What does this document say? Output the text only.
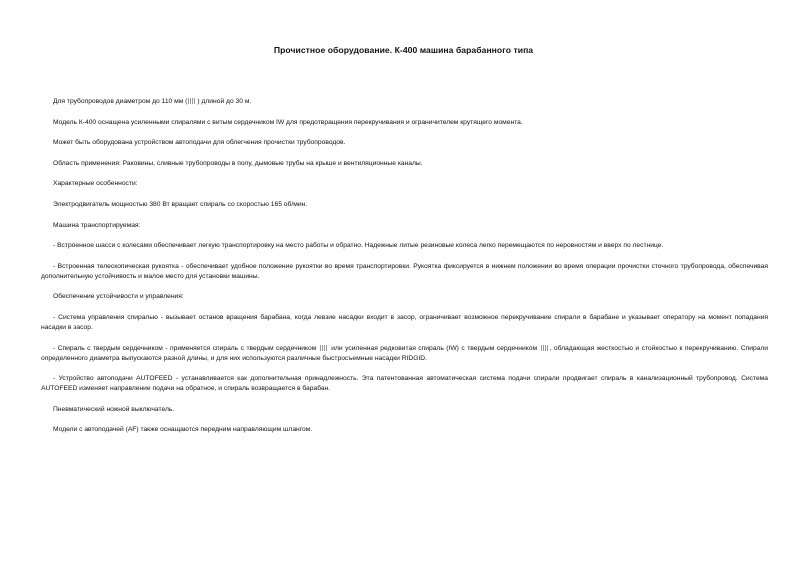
Прочистное оборудование. К-400 машина барабанного типа

Для трубопроводов диаметром до 110 мм ( ) длиной до 30 м.

Модель К-400 оснащена усиленными спиралями с витым сердечником IW для предотвращения перекручивания и ограничителем крутящего момента.

Может быть оборудована устройством автоподачи для облегчения прочистки трубопроводов.

Область применения: Раковины, сливные трубопроводы в полу, дымовые трубы на крыше и вентиляционные каналы.

Характерные особенности:

Электродвигатель мощностью 380 Вт вращает спираль со скоростью 165 об/мин.

Машина транспортируемая:

- Встроенное шасси с колесами обеспечивает легкую транспортировку на место работы и обратно. Надежные литые резиновые колеса легко перемещаются по неровностям и вверх по лестнице.

- Встроенная телескопическая рукоятка - обеспечивает удобное положение рукоятки во время транспортировки. Рукоятка фиксируется в нижнем положении во время операции прочистки сточного трубопровода, обеспечивая дополнительную устойчивость и малое место для установки машины.

Обеспечение устойчивости и управления:

- Система управления спиралью - вызывает останов вращения барабана, когда левзие насадки входит в засор, ограничивает возможное перекручивание спирали в барабане и указывает оператору на момент попадания насадки в засор.

- Спираль с твердым сердечником - применяется спираль с твердым сердечником или усиленная редковитая спираль (IW) с твердым сердечником , обладающая жесткостью и стойкостью к перекручиванию. Спирали определенного диаметра выпускаются разной длины, и для них используются различные быстросъемные насадки RIDGID.

- Устройство автоподачи AUTOFEED - устанавливается как дополнительная принадлежность. Эта патентованная автоматическая система подачи спирали продвигает спираль в канализационный трубопровод. Система AUTOFEED изменяет направление подачи на обратное, и спираль возвращается в барабан.

Пневматический ножной выключатель.

Модели с автоподачей (AF) также оснащаются передним направляющим шлангом.
